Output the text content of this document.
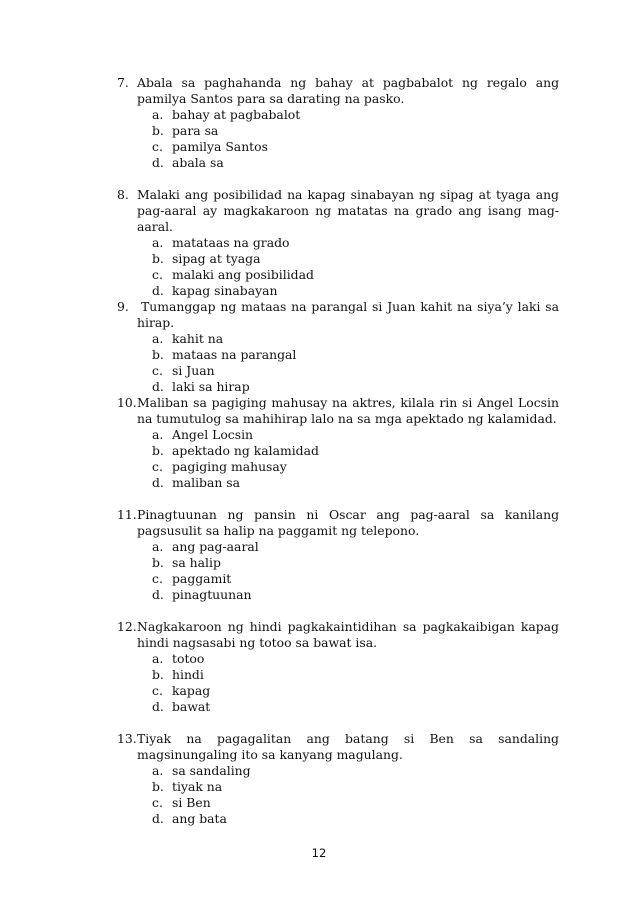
7. Abala sa paghahanda ng bahay at pagbabalot ng regalo ang pamilya Santos para sa darating na pasko.
a. bahay at pagbabalot
b. para sa
c. pamilya Santos
d. abala sa
8. Malaki ang posibilidad na kapag sinabayan ng sipag at tyaga ang pag-aaral ay magkakaroon ng matatas na grado ang isang mag-aaral.
a. matataas na grado
b. sipag at tyaga
c. malaki ang posibilidad
d. kapag sinabayan
9. Tumanggap ng mataas na parangal si Juan kahit na siya’y laki sa hirap.
a. kahit na
b. mataas na parangal
c. si Juan
d. laki sa hirap
10. Maliban sa pagiging mahusay na aktres, kilala rin si Angel Locsin na tumutulog sa mahihirap lalo na sa mga apektado ng kalamidad.
a. Angel Locsin
b. apektado ng kalamidad
c. pagiging mahusay
d. maliban sa
11. Pinagtuunan ng pansin ni Oscar ang pag-aaral sa kanilang pagsusulit sa halip na paggamit ng telepono.
a. ang pag-aaral
b. sa halip
c. paggamit
d. pinagtuunan
12. Nagkakaroon ng hindi pagkakaintidihan sa pagkakaibigan kapag hindi nagsasabi ng totoo sa bawat isa.
a. totoo
b. hindi
c. kapag
d. bawat
13. Tiyak na pagagalitan ang batang si Ben sa sandaling magsinungaling ito sa kanyang magulang.
a. sa sandaling
b. tiyak na
c. si Ben
d. ang bata
12
